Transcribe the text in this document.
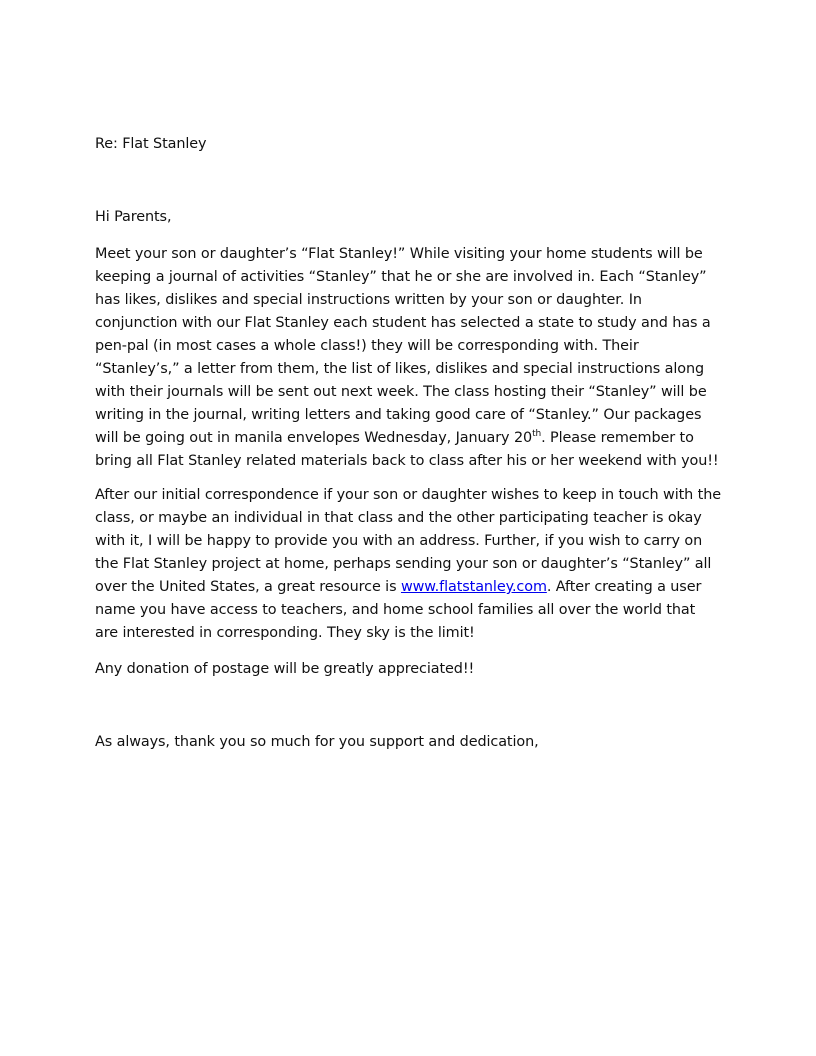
Re: Flat Stanley

Hi Parents,

Meet your son or daughter’s “Flat Stanley!” While visiting your home students will be keeping a journal of activities “Stanley” that he or she are involved in. Each “Stanley” has likes, dislikes and special instructions written by your son or daughter. In conjunction with our Flat Stanley each student has selected a state to study and has a pen-pal (in most cases a whole class!) they will be corresponding with. Their “Stanley’s,” a letter from them, the list of likes, dislikes and special instructions along with their journals will be sent out next week. The class hosting their “Stanley” will be writing in the journal, writing letters and taking good care of “Stanley.” Our packages will be going out in manila envelopes Wednesday, January 20th. Please remember to bring all Flat Stanley related materials back to class after his or her weekend with you!!

After our initial correspondence if your son or daughter wishes to keep in touch with the class, or maybe an individual in that class and the other participating teacher is okay with it, I will be happy to provide you with an address. Further, if you wish to carry on the Flat Stanley project at home, perhaps sending your son or daughter’s “Stanley” all over the United States, a great resource is www.flatstanley.com. After creating a user name you have access to teachers, and home school families all over the world that are interested in corresponding. They sky is the limit!

Any donation of postage will be greatly appreciated!!

As always, thank you so much for you support and dedication,
